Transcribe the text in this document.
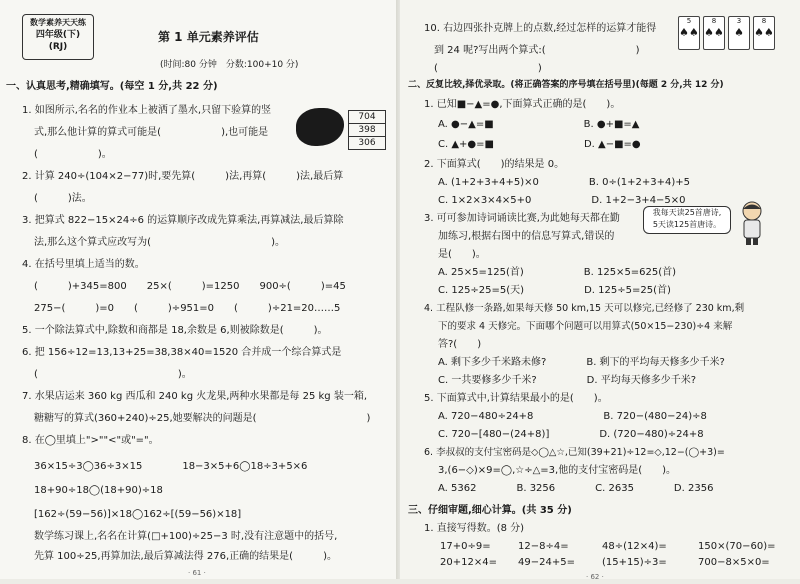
数学素养天天练
四年级(下)
(RJ)
第 1 单元素养评估
(时间:80 分钟　分数:100+10 分)
一、认真思考,精确填写。(每空 1 分,共 22 分)
1. 如图所示,名名的作业本上被洒了墨水,只留下验算的竖
式,那么他计算的算式可能是(　　　　　　),也可能是
(　　　　　　)。
704
398
306
2. 计算 240÷(104×2−77)时,要先算(　　　)法,再算(　　　)法,最后算
(　　　)法。
3. 把算式 822−15×24÷6 的运算顺序改成先算乘法,再算减法,最后算除
法,那么这个算式应改写为(　　　　　　　　　　　　)。
4. 在括号里填上适当的数。
(　　　)+345=800　　25×(　　　)=1250　　900÷(　　　)=45
275−(　　　)=0　　(　　　)÷951=0　　(　　　)÷21=20……5
5. 一个除法算式中,除数和商都是 18,余数是 6,则被除数是(　　　)。
6. 把 156÷12=13,13+25=38,38×40=1520 合并成一个综合算式是
(　　　　　　　　　　　　　　)。
7. 水果店运来 360 kg 西瓜和 240 kg 火龙果,两种水果都是每 25 kg 装一箱,
糖糖写的算式(360+240)÷25,她要解决的问题是(　　　　　　　　　　　)
8. 在◯里填上">""<"或"="。
36×15÷3◯36÷3×15　　　　18−3×5+6◯18÷3+5×6
18+90÷18◯(18+90)÷18
[162÷(59−56)]×18◯162÷[(59−56)×18]
数学练习课上,名名在计算(□+100)÷25−3 时,没有注意题中的括号,
先算 100÷25,再算加法,最后算减法得 276,正确的结果是(　　　)。
· 61 ·
10. 右边四张扑克牌上的点数,经过怎样的运算才能得
到 24 呢?写出两个算式:(　　　　　　　　　)
(　　　　　　　　　　)
5
♠♠
8
♠♠
3
♠
8
♠♠
二、反复比较,择优录取。(将正确答案的序号填在括号里)(每题 2 分,共 12 分)
1. 已知■−▲=●,下面算式正确的是(　　)。
A. ●−▲=■　　　　　　　　　B. ●+■=▲
C. ▲+●=■　　　　　　　　　D. ▲−■=●
2. 下面算式(　　)的结果是 0。
A. (1+2+3+4+5)×0　　　　　B. 0÷(1+2+3+4)+5
C. 1×2×3×4×5+0　　　　　　D. 1+2−3+4−5×0
3. 可可参加诗词诵读比赛,为此她每天都在勤
加练习,根据右图中的信息写算式,错误的
是(　　)。
A. 25×5=125(首)　　　　　　B. 125×5=625(首)
C. 125÷25=5(天)　　　　　　D. 125÷5=25(首)
4. 工程队修一条路,如果每天修 50 km,15 天可以修完,已经修了 230 km,剩
下的要求 4 天修完。下面哪个问题可以用算式(50×15−230)÷4 来解
答?(　　)
A. 剩下多少千米路未修?　　　　B. 剩下的平均每天修多少千米?
C. 一共要修多少千米?　　　　　D. 平均每天修多少千米?
5. 下面算式中,计算结果最小的是(　　)。
A. 720−480÷24+8　　　　　　　B. 720−(480−24)÷8
C. 720−[480−(24+8)]　　　　　D. (720−480)÷24+8
6. 李叔叔的支付宝密码是◇◯△☆,已知(39+21)÷12=◇,12−(◯+3)=
3,(6−◇)×9=◯,☆÷△=3,他的支付宝密码是(　　)。
A. 5362　　　　B. 3256　　　　C. 2635　　　　D. 2356
我每天读25首唐诗,
5天读125首唐诗。
三、仔细审题,细心计算。(共 35 分)
1. 直接写得数。(8 分)
17+0÷9=	12−8÷4=	48÷(12×4)=	150×(70−60)=
20+12×4= 49−24+5=	(15+15)÷3=	700−8×5×0=
· 62 ·
